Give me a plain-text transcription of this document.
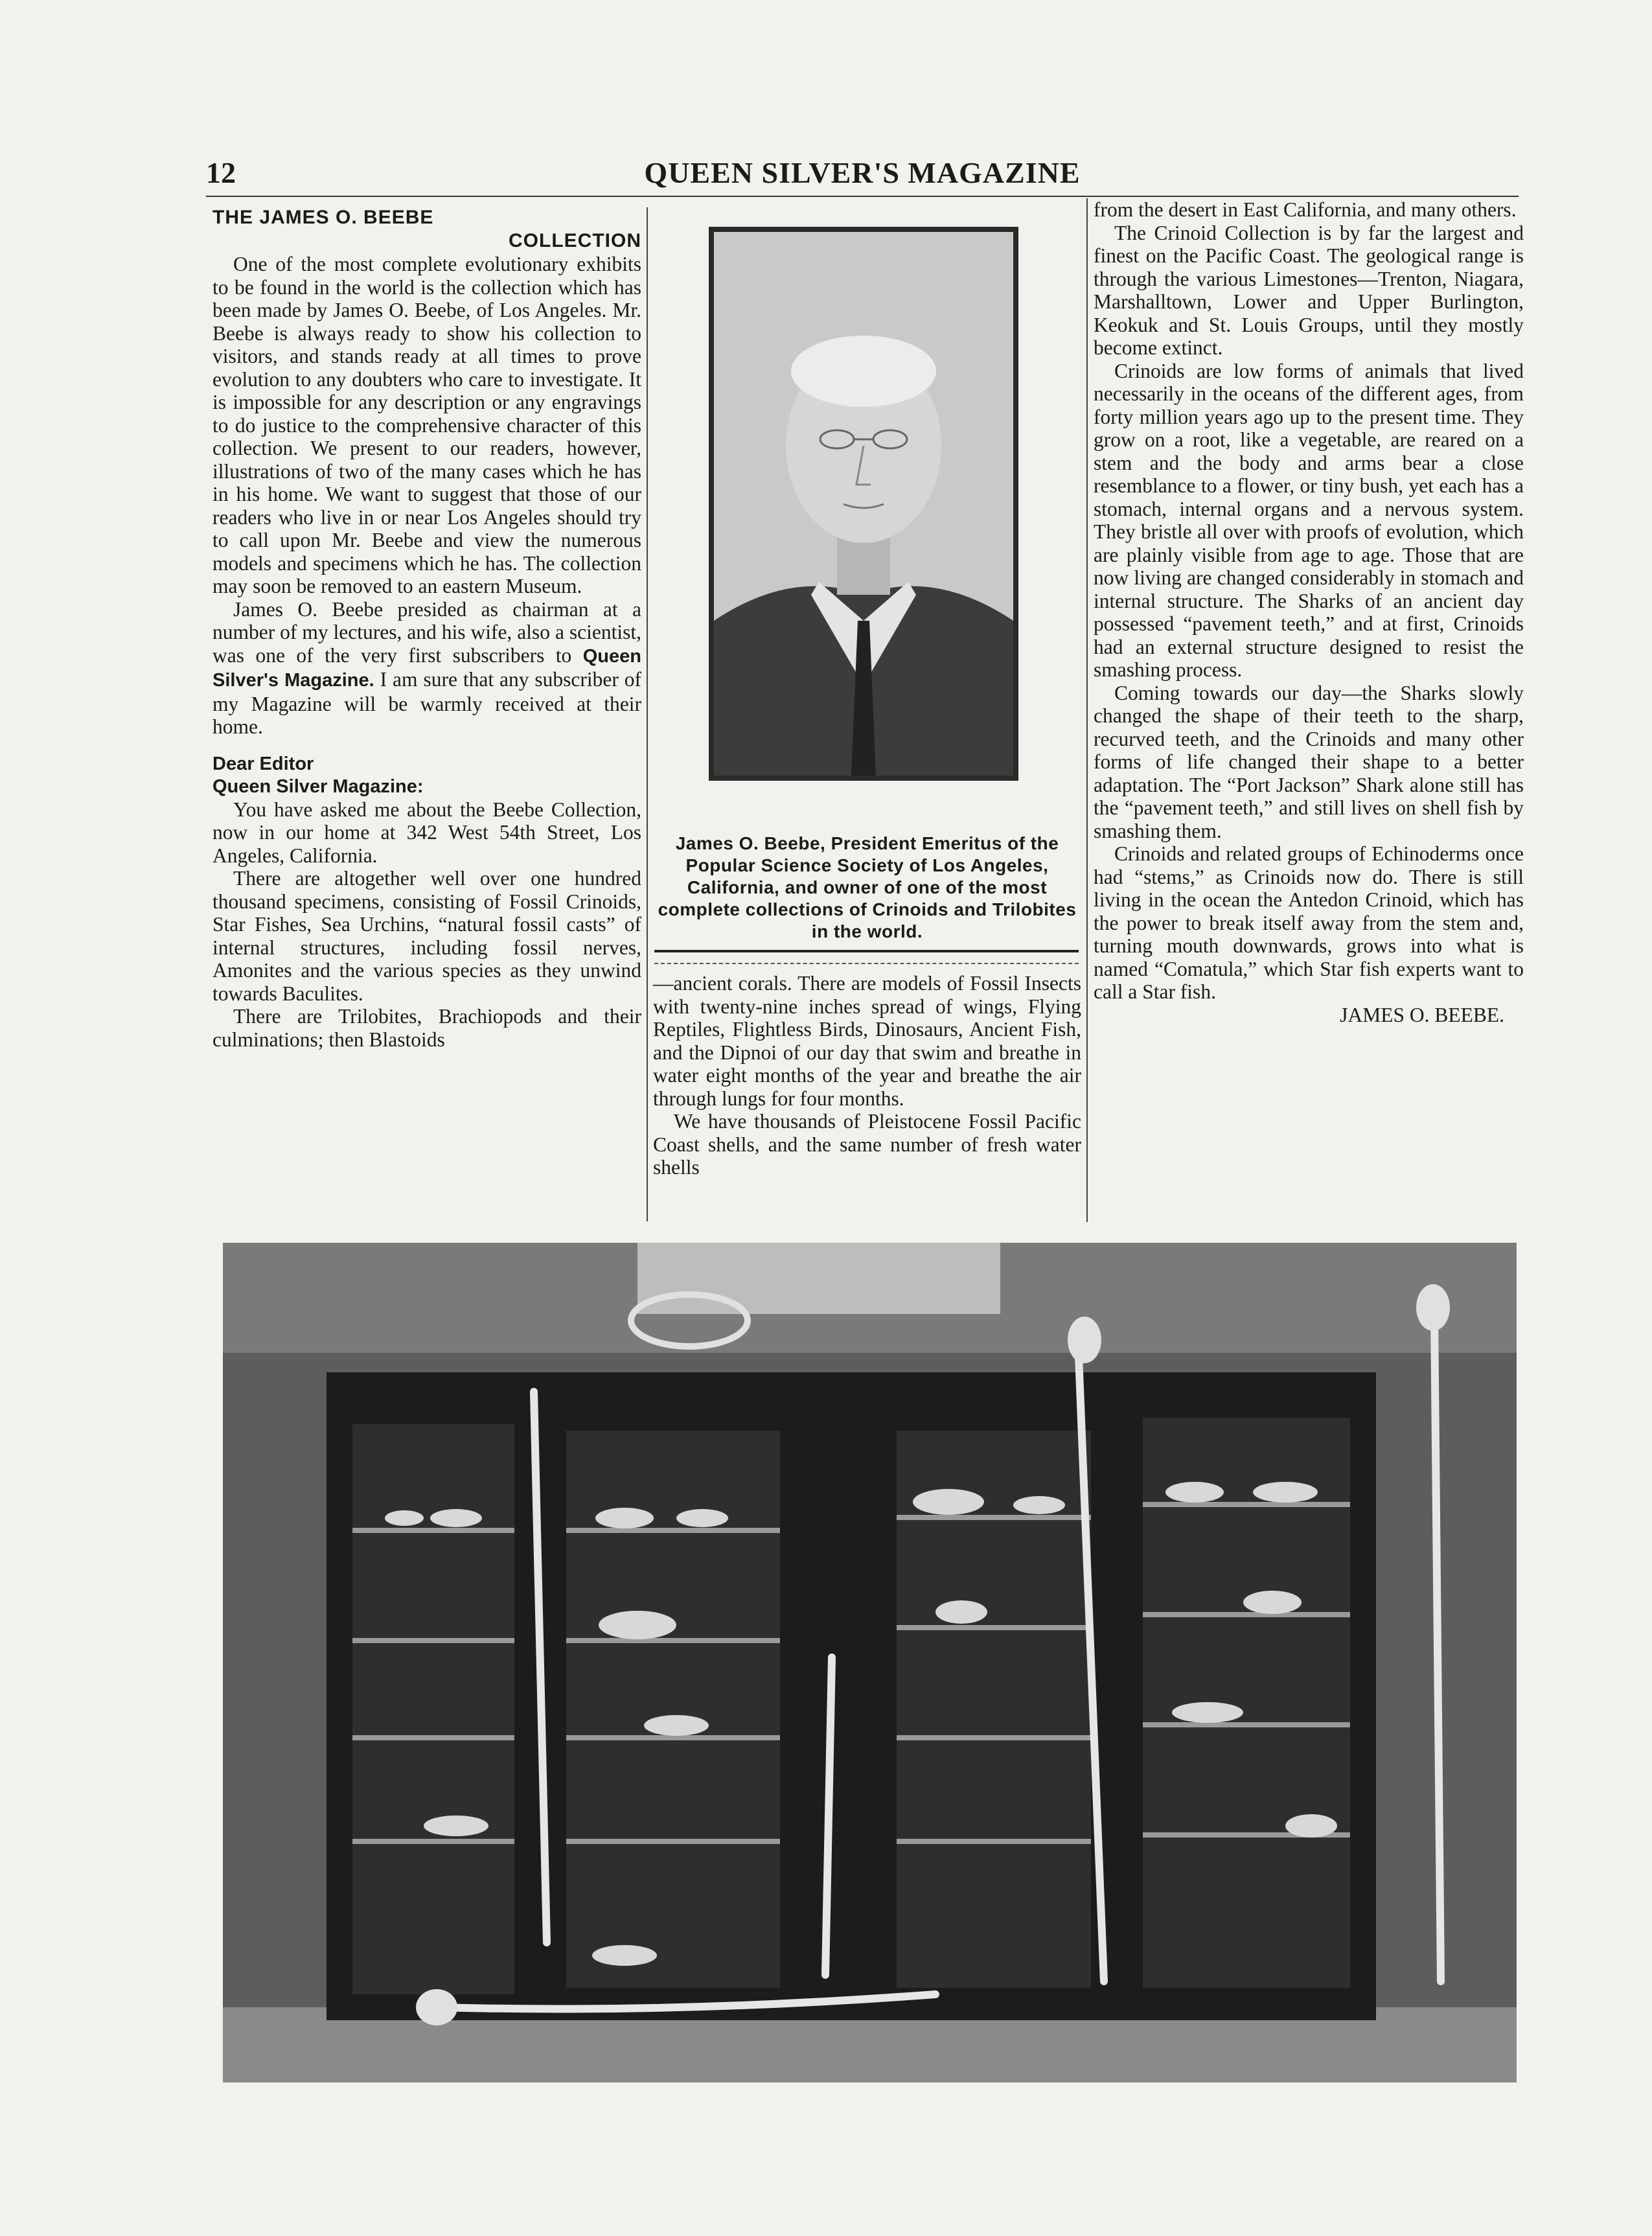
12	QUEEN SILVER'S MAGAZINE

THE JAMES O. BEEBE

COLLECTION

One of the most complete evolutionary exhibits to be found in the world is the collection which has been made by James O. Beebe, of Los Angeles. Mr. Beebe is always ready to show his collection to visitors, and stands ready at all times to prove evolution to any doubters who care to investigate. It is impossible for any description or any engravings to do justice to the comprehensive character of this collection. We present to our readers, however, illustrations of two of the many cases which he has in his home. We want to suggest that those of our readers who live in or near Los Angeles should try to call upon Mr. Beebe and view the numerous models and specimens which he has. The collection may soon be removed to an eastern Museum.

James O. Beebe presided as chairman at a number of my lectures, and his wife, also a scientist, was one of the very first subscribers to Queen Silver's Magazine. I am sure that any subscriber of my Magazine will be warmly received at their home.

Dear Editor
Queen Silver Magazine:

You have asked me about the Beebe Collection, now in our home at 342 West 54th Street, Los Angeles, California.

There are altogether well over one hundred thousand specimens, consisting of Fossil Crinoids, Star Fishes, Sea Urchins, “natural fossil casts” of internal structures, including fossil nerves, Amonites and the various species as they unwind towards Baculites.

There are Trilobites, Brachiopods and their culminations; then Blastoids

James O. Beebe, President Emeritus of the Popular Science Society of Los Angeles, California, and owner of one of the most complete collections of Crinoids and Trilobites in the world.

—ancient corals. There are models of Fossil Insects with twenty-nine inches spread of wings, Flying Reptiles, Flightless Birds, Dinosaurs, Ancient Fish, and the Dipnoi of our day that swim and breathe in water eight months of the year and breathe the air through lungs for four months.

We have thousands of Pleistocene Fossil Pacific Coast shells, and the same number of fresh water shells

from the desert in East California, and many others.

The Crinoid Collection is by far the largest and finest on the Pacific Coast. The geological range is through the various Limestones—Trenton, Niagara, Marshalltown, Lower and Upper Burlington, Keokuk and St. Louis Groups, until they mostly become extinct.

Crinoids are low forms of animals that lived necessarily in the oceans of the different ages, from forty million years ago up to the present time. They grow on a root, like a vegetable, are reared on a stem and the body and arms bear a close resemblance to a flower, or tiny bush, yet each has a stomach, internal organs and a nervous system. They bristle all over with proofs of evolution, which are plainly visible from age to age. Those that are now living are changed considerably in stomach and internal structure. The Sharks of an ancient day possessed “pavement teeth,” and at first, Crinoids had an external structure designed to resist the smashing process.

Coming towards our day—the Sharks slowly changed the shape of their teeth to the sharp, recurved teeth, and the Crinoids and many other forms of life changed their shape to a better adaptation. The “Port Jackson” Shark alone still has the “pavement teeth,” and still lives on shell fish by smashing them.

Crinoids and related groups of Echinoderms once had “stems,” as Crinoids now do. There is still living in the ocean the Antedon Crinoid, which has the power to break itself away from the stem and, turning mouth downwards, grows into what is named “Comatula,” which Star fish experts want to call a Star fish.

JAMES O. BEEBE.
